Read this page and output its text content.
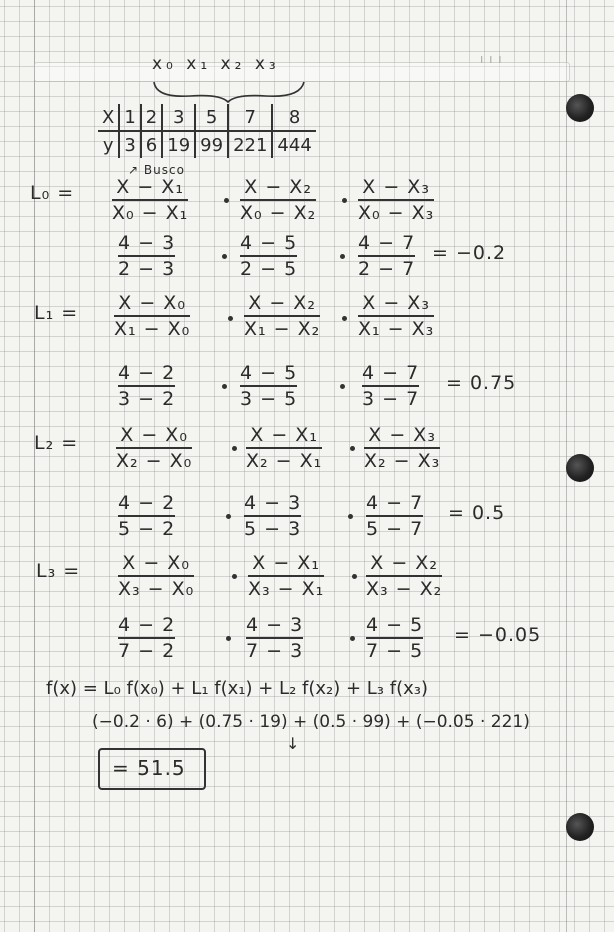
ı ı ı
x₀ x₁ x₂ x₃
X	1	2	3	5	7	8
y	3	6	19	99	221	444
↗ Busco
L₀ = X − X₁
X₀ − X₁
X − X₂
X₀ − X₂
X − X₃
X₀ − X₃
4 − 3
2 − 3
4 − 5
2 − 5
4 − 7
2 − 7
= −0.2
L₁ = X − X₀
X₁ − X₀
X − X₂
X₁ − X₂
X − X₃
X₁ − X₃
4 − 2
3 − 2
4 − 5
3 − 5
4 − 7
3 − 7
= 0.75
L₂ = X − X₀
X₂ − X₀
X − X₁
X₂ − X₁
X − X₃
X₂ − X₃
4 − 2
5 − 2
4 − 3
5 − 3
4 − 7
5 − 7
= 0.5
L₃ = X − X₀
X₃ − X₀
X − X₁
X₃ − X₁
X − X₂
X₃ − X₂
4 − 2
7 − 2
4 − 3
7 − 3
4 − 5
7 − 5
= −0.05
f(x) = L₀ f(x₀) + L₁ f(x₁) + L₂ f(x₂) + L₃ f(x₃)
(−0.2 · 6) + (0.75 · 19) + (0.5 · 99) + (−0.05 · 221)
↓
= 51.5
